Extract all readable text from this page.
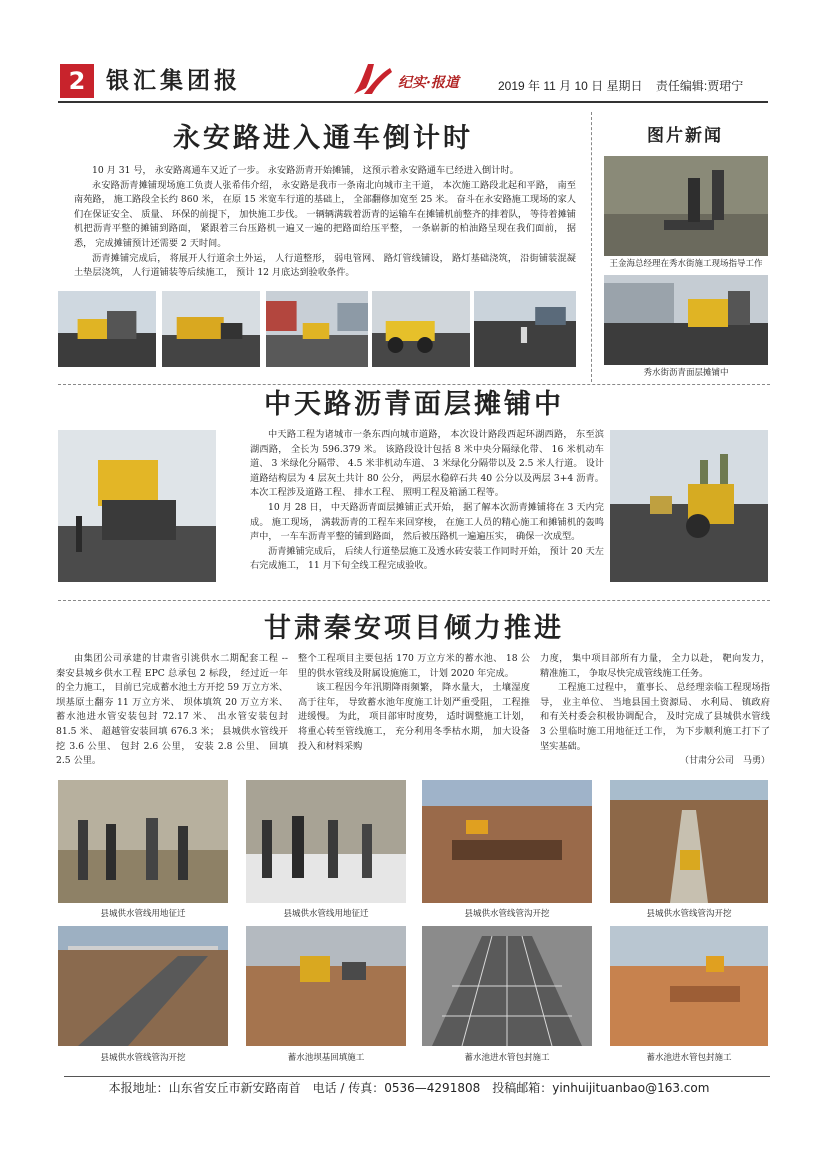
2 银汇集团报	纪实·报道	2019 年 11 月 10 日 星期日 责任编辑:贾珺宁
永安路进入通车倒计时

10 月 31 号， 永安路离通车又近了一步。 永安路沥青开始摊铺， 这预示着永安路通车已经进入倒计时。

永安路沥青摊铺现场施工负责人张希伟介绍， 永安路是我市一条南北向城市主干道， 本次施工路段北起和平路， 南至南苑路， 施工路段全长约 860 米， 在原 15 米宽车行道的基础上， 全部翻修加宽至 25 米。 奋斗在永安路施工现场的家人们在保证安全、 质量、 环保的前提下， 加快施工步伐。 一辆辆满载着沥青的运输车在摊铺机前整齐的排着队， 等待着摊铺机把沥青平整的摊铺到路面， 紧跟着三台压路机一遍又一遍的把路面给压平整， 一条崭新的柏油路呈现在我们面前， 据悉， 完成摊铺预计还需要 2 天时间。

沥青摊铺完成后， 将展开人行道余土外运， 人行道整形， 弱电管网、 路灯管线铺设， 路灯基础浇筑， 沿街铺装混凝土垫层浇筑， 人行道铺装等后续施工， 预计 12 月底达到验收条件。

图片新闻
王金海总经理在秀水街施工现场指导工作
秀水街沥青面层摊铺中
中天路沥青面层摊铺中

中天路工程为诸城市一条东西向城市道路， 本次设计路段西起环湖西路， 东至滨湖西路， 全长为 596.379 米。 该路段设计包括 8 米中央分隔绿化带、 16 米机动车道、 3 米绿化分隔带、 4.5 米非机动车道、 3 米绿化分隔带以及 2.5 米人行道。 设计道路结构层为 4 层灰土共计 80 公分， 两层水稳碎石共 40 公分以及两层 3+4 沥青。 本次工程涉及道路工程、 排水工程、 照明工程及箱涵工程等。

10 月 28 日， 中天路沥青面层摊铺正式开始， 据了解本次沥青摊铺将在 3 天内完成。 施工现场， 满载沥青的工程车来回穿梭， 在施工人员的精心施工和摊铺机的轰鸣声中， 一车车沥青平整的铺到路面， 然后被压路机一遍遍压实， 确保一次成型。

沥青摊铺完成后， 后续人行道垫层施工及透水砖安装工作同时开始， 预计 20 天左右完成施工， 11 月下旬全线工程完成验收。

甘肃秦安项目倾力推进

由集团公司承建的甘肃省引洮供水二期配套工程 -- 秦安县城乡供水工程 EPC 总承包 2 标段， 经过近一年的全力施工， 目前已完成蓄水池土方开挖 59 万立方米、 坝基原土翻夯 11 万立方米、 坝体填筑 20 万立方米、 蓄水池进水管安装包封 72.17 米、 出水管安装包封 81.5 米、 超越管安装回填 676.3 米； 县城供水管线开挖 3.6 公里、 包封 2.6 公里， 安装 2.8 公里、 回填 2.5 公里。

整个工程项目主要包括 170 万立方米的蓄水池、 18 公里的供水管线及附属设施施工， 计划 2020 年完成。

该工程因今年汛期降雨频繁， 降水量大， 土壤湿度高于往年， 导致蓄水池年度施工计划严重受阻， 工程推进缓慢。 为此， 项目部审时度势， 适时调整施工计划， 将重心转至管线施工， 充分利用冬季枯水期， 加大设备投入和材料采购

力度， 集中项目部所有力量， 全力以赴， 靶向发力， 精准施工， 争取尽快完成管线施工任务。

工程施工过程中， 董事长、 总经理亲临工程现场指导， 业主单位、 当地县国土资源局、 水利局、 镇政府和有关村委会积极协调配合， 及时完成了县城供水管线 3 公里临时施工用地征迁工作， 为下步顺利施工打下了坚实基础。

（甘肃分公司　马勇）
县城供水管线用地征迁	县城供水管线用地征迁	县城供水管线管沟开挖	县城供水管线管沟开挖
县城供水管线管沟开挖	蓄水池坝基回填施工	蓄水池进水管包封施工	蓄水池进水管包封施工
本报地址：山东省安丘市新安路南首　电话 / 传真：0536—4291808　投稿邮箱：yinhuijituanbao@163.com
